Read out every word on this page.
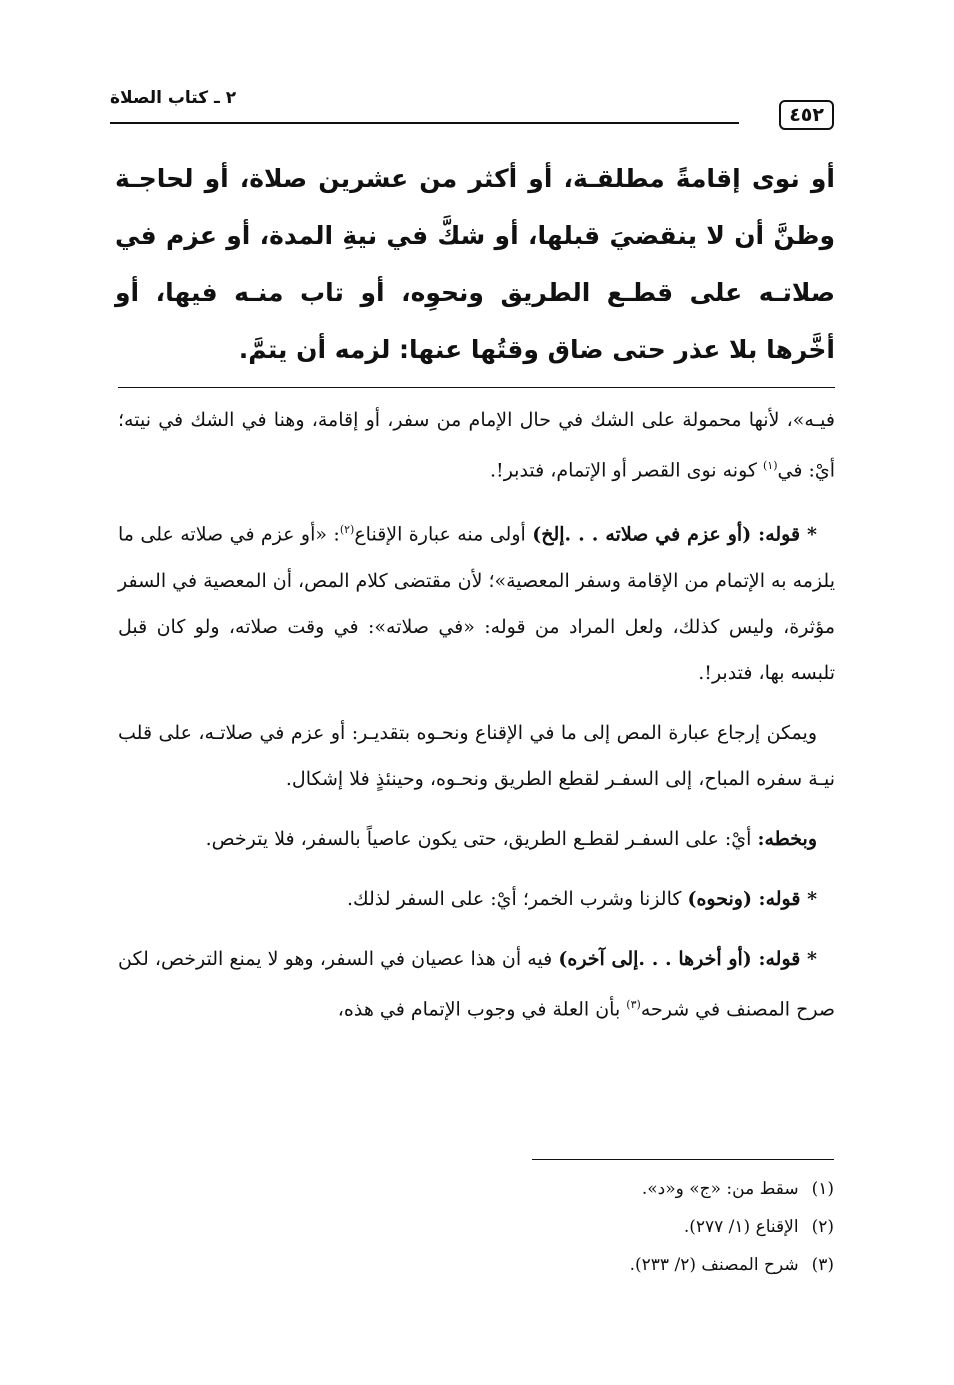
٤٥٢
٢ ـ كتاب الصلاة

أو نوى إقامةً مطلقـة، أو أكثر من عشرين صلاة، أو لحاجـة وظنَّ أن لا ينقضيَ قبلها، أو شكَّ في نيةِ المدة، أو عزم في صلاتـه على قطـع الطريق ونحوِه، أو تاب منـه فيها، أو أخَّرها بلا عذر حتى ضاق وقتُها عنها: لزمه أن يتمَّ.

فيـه»، لأنها محمولة على الشك في حال الإمام من سفر، أو إقامة، وهنا في الشك في نيته؛ أيْ: في$^{(١)}$ كونه نوى القصر أو الإتمام، فتدبر!.

* قوله: (أو عزم في صلاته . . .إلخ) أولى منه عبارة الإقناع$^{(٢)}$: «أو عزم في صلاته على ما يلزمه به الإتمام من الإقامة وسفر المعصية»؛ لأن مقتضى كلام المص، أن المعصية في السفر مؤثرة، وليس كذلك، ولعل المراد من قوله: «في صلاته»: في وقت صلاته، ولو كان قبل تلبسه بها، فتدبر!.

ويمكن إرجاع عبارة المص إلى ما في الإقناع ونحـوه بتقديـر: أو عزم في صلاتـه، على قلب نيـة سفره المباح، إلى السفـر لقطع الطريق ونحـوه، وحينئذٍ فلا إشكال.

وبخطه: أيْ: على السفـر لقطـع الطريق، حتى يكون عاصياً بالسفر، فلا يترخص.

* قوله: (ونحوه) كالزنا وشرب الخمر؛ أيْ: على السفر لذلك.

* قوله: (أو أخرها . . .إلى آخره) فيه أن هذا عصيان في السفر، وهو لا يمنع الترخص، لكن صرح المصنف في شرحه$^{(٣)}$ بأن العلة في وجوب الإتمام في هذه،

(١) سقط من: «ج» و«د».

(٢) الإقناع (١/ ٢٧٧).

(٣) شرح المصنف (٢/ ٢٣٣).
